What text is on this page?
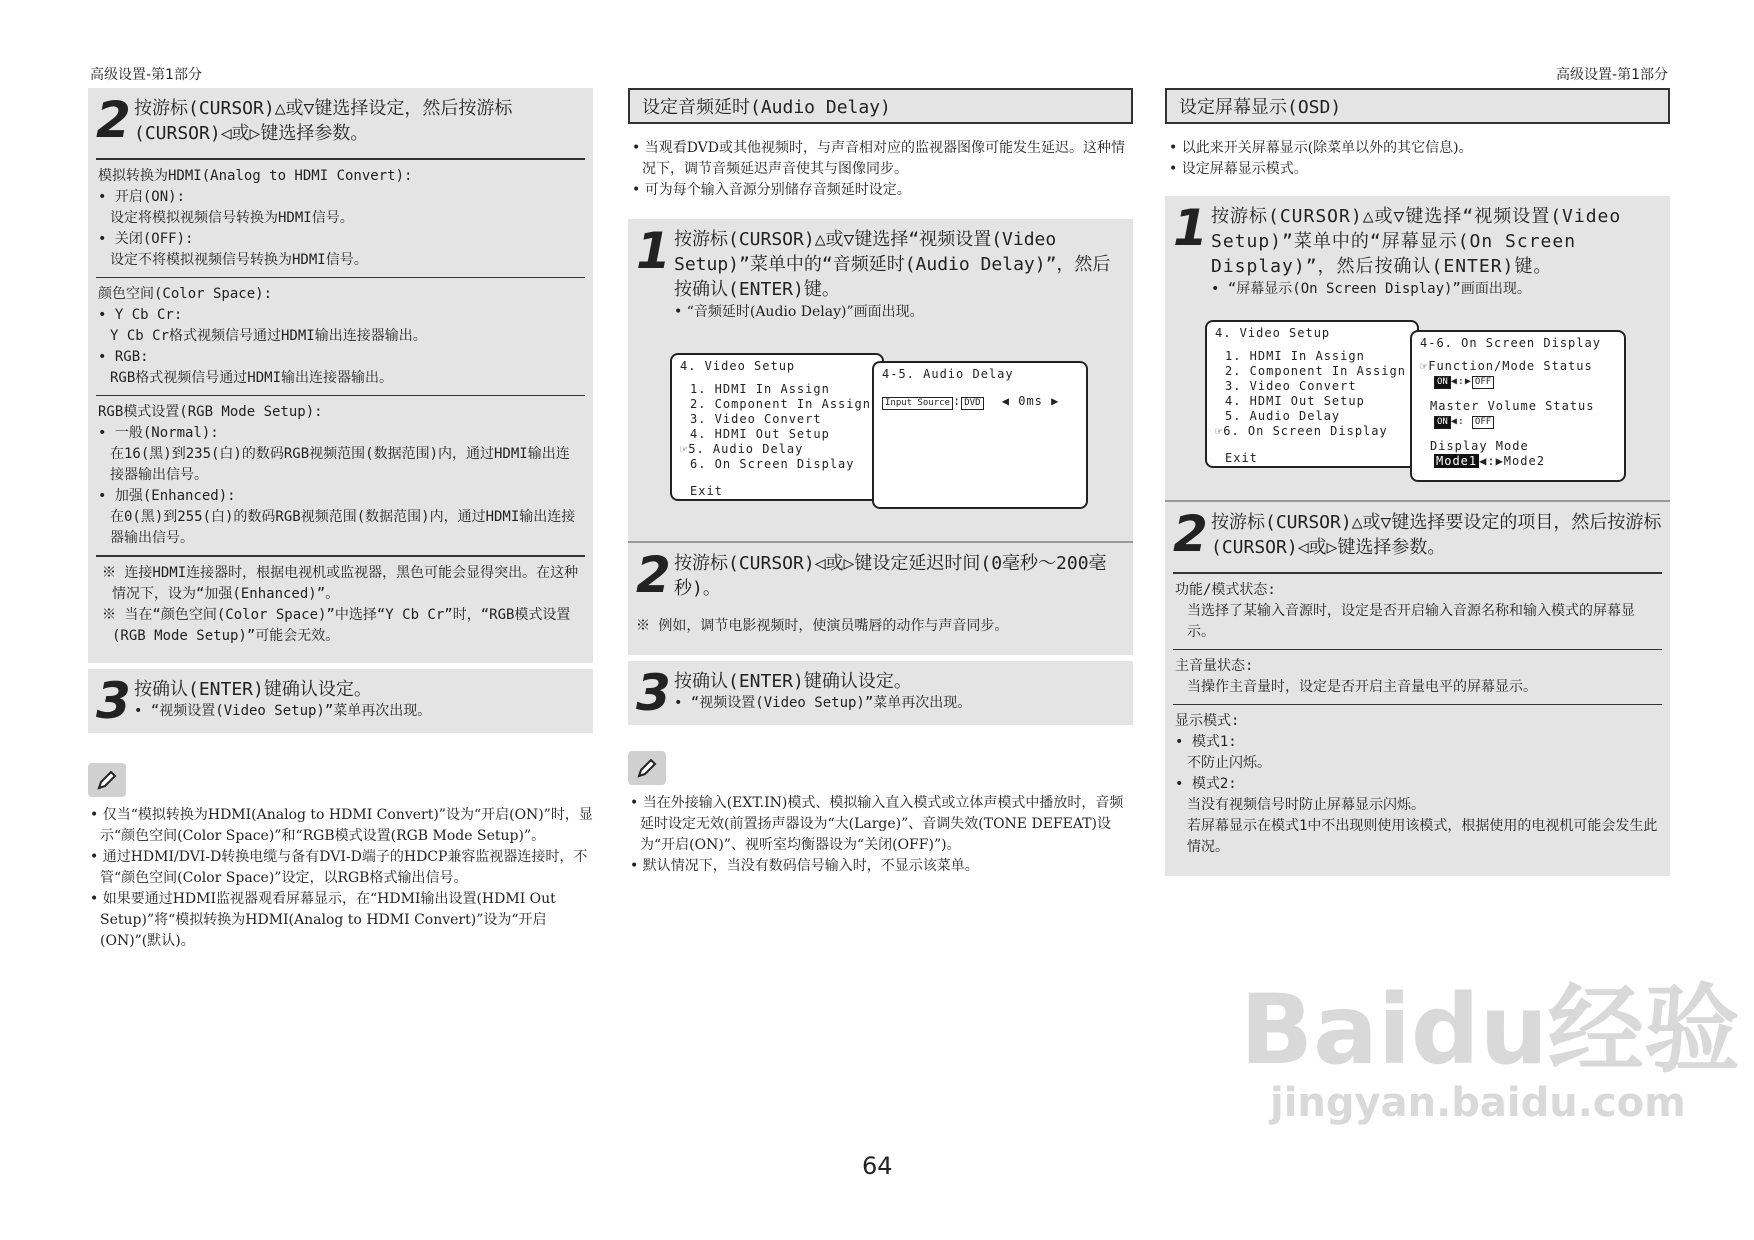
高级设置-第1部分	高级设置-第1部分
2 按游标(CURSOR)△或▽键选择设定，然后按游标(CURSOR)◁或▷键选择参数。
模拟转换为HDMI(Analog to HDMI Convert):
• 开启(ON):
设定将模拟视频信号转换为HDMI信号。
• 关闭(OFF):
设定不将模拟视频信号转换为HDMI信号。
颜色空间(Color Space):
• Y Cb Cr:
Y Cb Cr格式视频信号通过HDMI输出连接器输出。
• RGB:
RGB格式视频信号通过HDMI输出连接器输出。
RGB模式设置(RGB Mode Setup):
• 一般(Normal):
在16(黑)到235(白)的数码RGB视频范围(数据范围)内，通过HDMI输出连接器输出信号。
• 加强(Enhanced):
在0(黑)到255(白)的数码RGB视频范围(数据范围)内，通过HDMI输出连接器输出信号。
※ 连接HDMI连接器时，根据电视机或监视器，黑色可能会显得突出。在这种情况下，设为“加强(Enhanced)”。
※ 当在“颜色空间(Color Space)”中选择“Y Cb Cr”时，“RGB模式设置(RGB Mode Setup)”可能会无效。
3 按确认(ENTER)键确认设定。
• “视频设置(Video Setup)”菜单再次出现。

• 仅当“模拟转换为HDMI(Analog to HDMI Convert)”设为“开启(ON)”时，显示“颜色空间(Color Space)”和“RGB模式设置(RGB Mode Setup)”。

• 通过HDMI/DVI-D转换电缆与备有DVI-D端子的HDCP兼容监视器连接时，不管“颜色空间(Color Space)”设定，以RGB格式输出信号。

• 如果要通过HDMI监视器观看屏幕显示，在“HDMI输出设置(HDMI Out Setup)”将“模拟转换为HDMI(Analog to HDMI Convert)”设为“开启(ON)”(默认)。

设定音频延时(Audio Delay)
• 当观看DVD或其他视频时，与声音相对应的监视器图像可能发生延迟。这种情况下，调节音频延迟声音使其与图像同步。
• 可为每个输入音源分别储存音频延时设定。
1 按游标(CURSOR)△或▽键选择“视频设置(Video Setup)”菜单中的“音频延时(Audio Delay)”，然后按确认(ENTER)键。
• “音频延时(Audio Delay)”画面出现。
4. Video Setup
1. HDMI In Assign
2. Component In Assign
3. Video Convert
4. HDMI Out Setup
☞5. Audio Delay
6. On Screen Display
Exit
4-5. Audio Delay
Input Source : DVD ◀ 0ms ▶
2 按游标(CURSOR)◁或▷键设定延迟时间(0毫秒～200毫秒)。
※ 例如，调节电影视频时，使演员嘴唇的动作与声音同步。
3 按确认(ENTER)键确认设定。
• “视频设置(Video Setup)”菜单再次出现。

• 当在外接输入(EXT.IN)模式、模拟输入直入模式或立体声模式中播放时，音频延时设定无效(前置扬声器设为“大(Large)”、音调失效(TONE DEFEAT)设为“开启(ON)”、视听室均衡器设为“关闭(OFF)”)。

• 默认情况下，当没有数码信号输入时，不显示该菜单。

设定屏幕显示(OSD)
• 以此来开关屏幕显示(除菜单以外的其它信息)。
• 设定屏幕显示模式。
1 按游标(CURSOR)△或▽键选择“视频设置(Video Setup)”菜单中的“屏幕显示(On Screen Display)”，然后按确认(ENTER)键。
• “屏幕显示(On Screen Display)”画面出现。
4. Video Setup
1. HDMI In Assign
2. Component In Assign
3. Video Convert
4. HDMI Out Setup
5. Audio Delay
☞6. On Screen Display
Exit
4-6. On Screen Display
☞Function/Mode Status
ON ◀:▶ OFF
Master Volume Status
ON ◀: OFF
Display Mode
Mode1 ◀:▶Mode2
2 按游标(CURSOR)△或▽键选择要设定的项目，然后按游标(CURSOR)◁或▷键选择参数。
功能/模式状态:
当选择了某输入音源时，设定是否开启输入音源名称和输入模式的屏幕显示。
主音量状态:
当操作主音量时，设定是否开启主音量电平的屏幕显示。
显示模式:
• 模式1:
不防止闪烁。
• 模式2:
当没有视频信号时防止屏幕显示闪烁。
若屏幕显示在模式1中不出现则使用该模式，根据使用的电视机可能会发生此情况。
64
Baidu经验
jingyan.baidu.com
